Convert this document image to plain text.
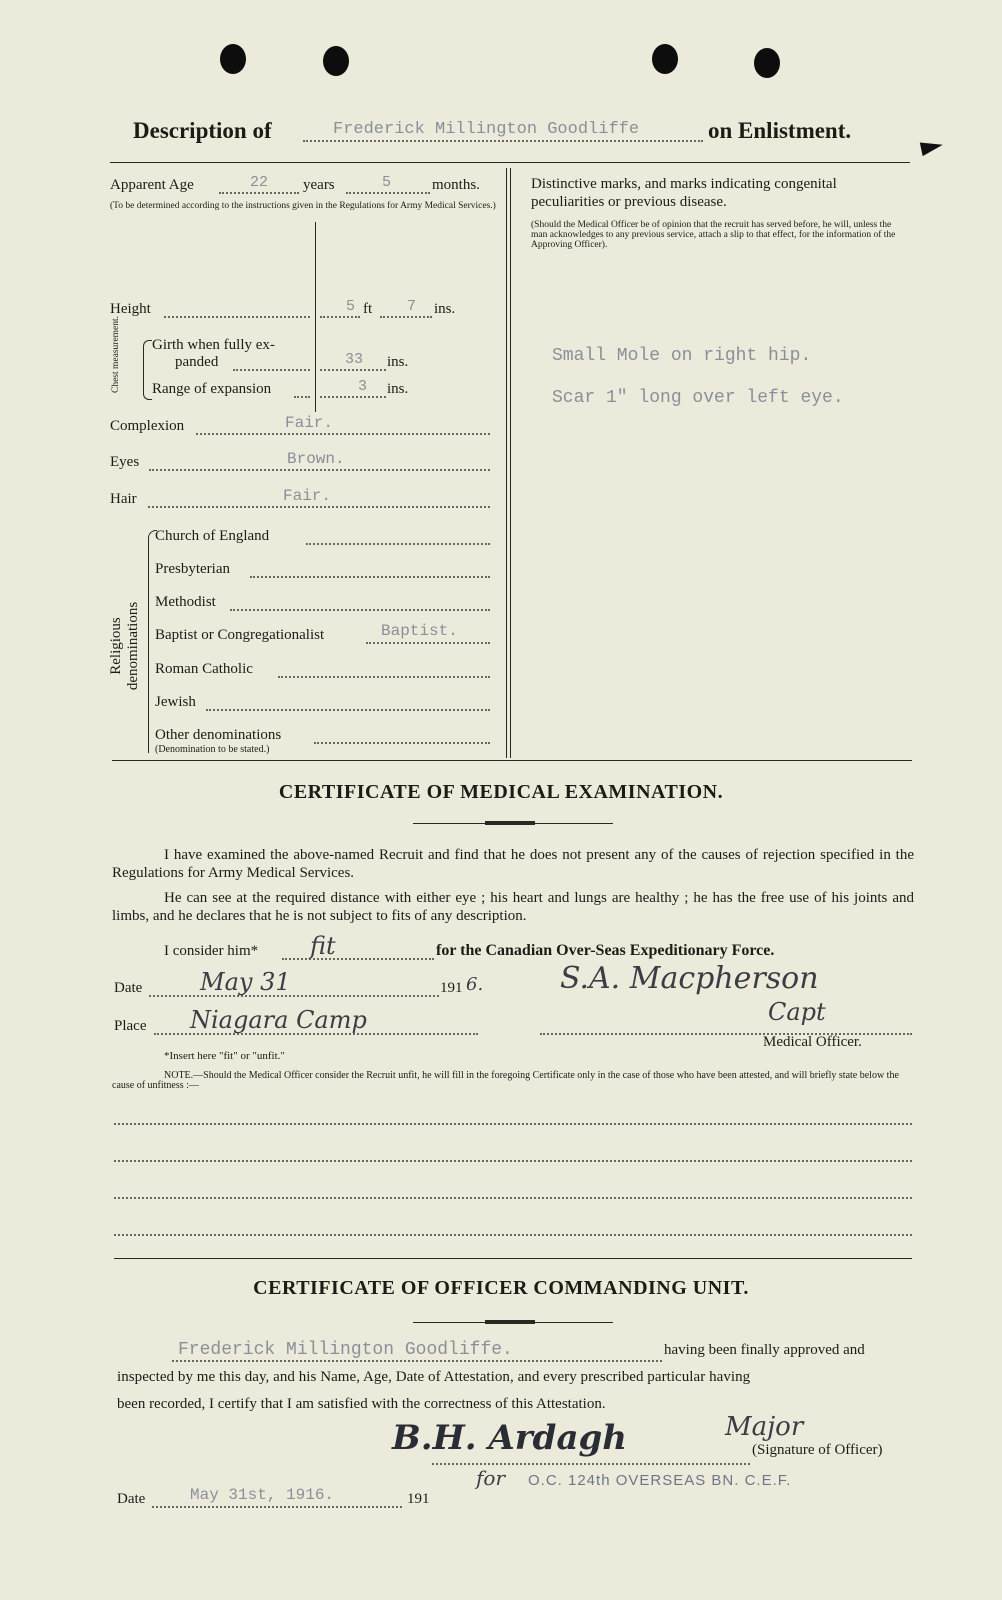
Description of	Frederick Millington Goodliffe	on Enlistment.
Apparent Age	22 years	5	months.
(To be determined according to the instructions given in the Regulations for Army Medical Services.)
Height	5 ft 7 ins.
Chest measurement. Girth when fully ex-
panded	33 ins.
Range of expansion	3 ins.
Complexion	Fair.
Eyes	Brown.
Hair	Fair.
Religious denominations
Church of England
Presbyterian
Methodist
Baptist or Congregationalist	Baptist.
Roman Catholic
Jewish
Other denominations
(Denomination to be stated.)
Distinctive marks, and marks indicating congenital
peculiarities or previous disease.
(Should the Medical Officer be of opinion that the recruit has served before, he will, unless the man acknowledges to any previous service, attach a slip to that effect, for the information of the Approving Officer).
Small Mole on right hip.
Scar 1" long over left eye.
CERTIFICATE OF MEDICAL EXAMINATION.
I have examined the above-named Recruit and find that he does not present any of the causes of rejection specified in the Regulations for Army Medical Services.
He can see at the required distance with either eye ; his heart and lungs are healthy ; he has the free use of his joints and limbs, and he declares that he is not subject to fits of any description.
I consider him* fit	for the Canadian Over-Seas Expeditionary Force.
Date May 31	191 6.	S.A. Macpherson
Place Niagara Camp	Capt
Medical Officer.
*Insert here "fit" or "unfit."
NOTE.—Should the Medical Officer consider the Recruit unfit, he will fill in the foregoing Certificate only in the case of those who have been attested, and will briefly state below the cause of unfitness :—
CERTIFICATE OF OFFICER COMMANDING UNIT.
Frederick Millington Goodliffe.	having been finally approved and
inspected by me this day, and his Name, Age, Date of Attestation, and every prescribed particular having
been recorded, I certify that I am satisfied with the correctness of this Attestation.
B.H. Ardagh	Major
(Signature of Officer)
for O.C. 124th OVERSEAS BN. C.E.F.
Date	May 31st, 1916.	191
